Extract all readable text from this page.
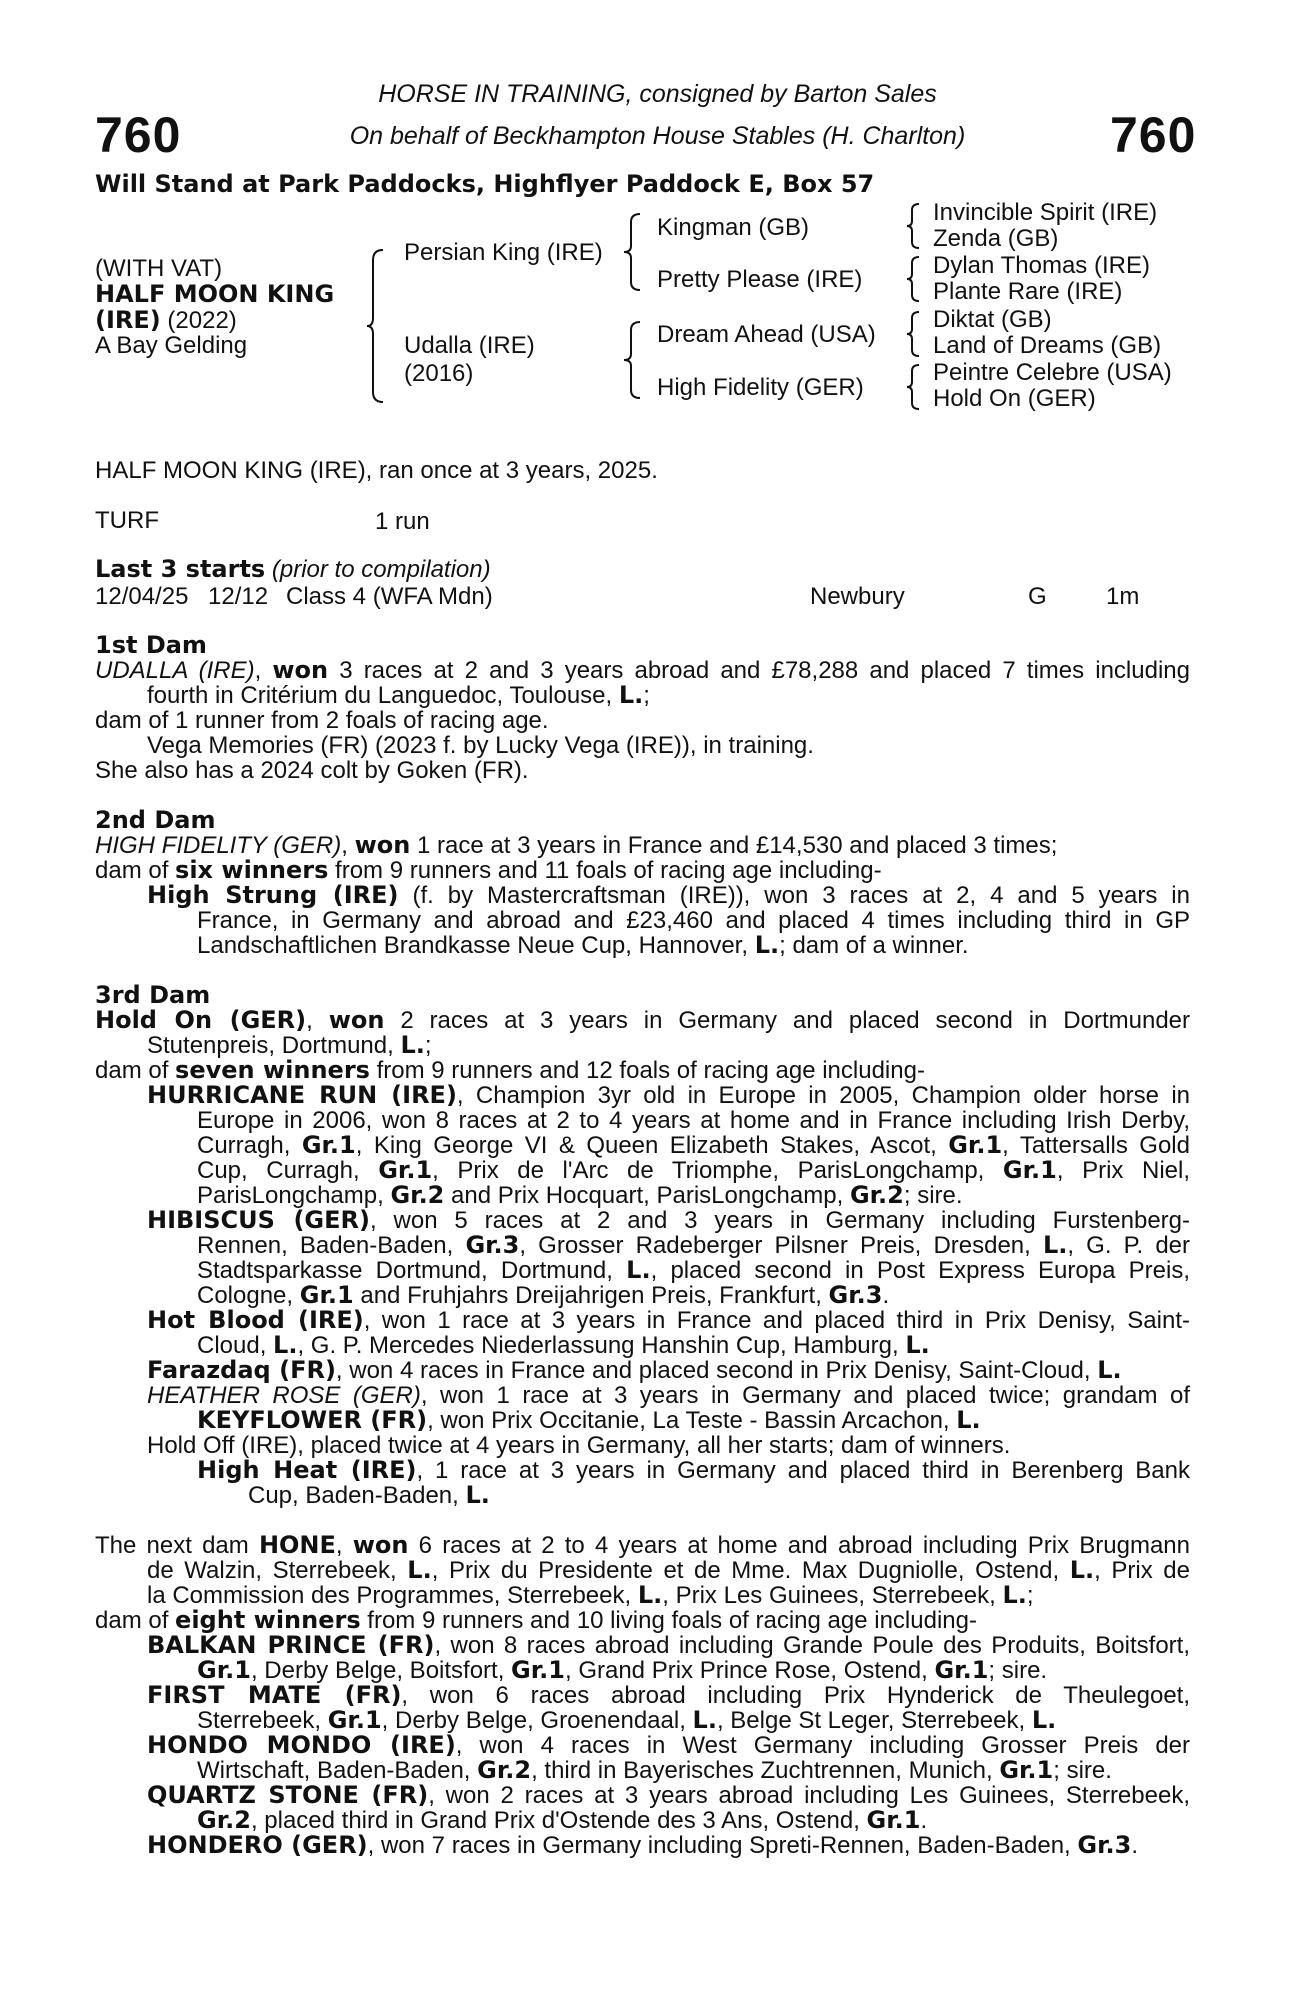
HORSE IN TRAINING, consigned by Barton Sales
On behalf of Beckhampton House Stables (H. Charlton)
760	760
Will Stand at Park Paddocks, Highflyer Paddock E, Box 57
(WITH VAT)
HALF MOON KING
(IRE) (2022)
A Bay Gelding
Persian King (IRE)
Udalla (IRE)
(2016)
Kingman (GB)
Pretty Please (IRE)
Dream Ahead (USA)
High Fidelity (GER)
Invincible Spirit (IRE)
Zenda (GB)
Dylan Thomas (IRE)
Plante Rare (IRE)
Diktat (GB)
Land of Dreams (GB)
Peintre Celebre (USA)
Hold On (GER)
HALF MOON KING (IRE), ran once at 3 years, 2025.
TURF	1 run
Last 3 starts (prior to compilation)
12/04/25 12/12 Class 4 (WFA Mdn)	Newbury	G 1m
1st Dam
UDALLA (IRE), won 3 races at 2 and 3 years abroad and £78,288 and placed 7 times including
fourth in Critérium du Languedoc, Toulouse, L.;
dam of 1 runner from 2 foals of racing age.
Vega Memories (FR) (2023 f. by Lucky Vega (IRE)), in training.
She also has a 2024 colt by Goken (FR).
2nd Dam
HIGH FIDELITY (GER), won 1 race at 3 years in France and £14,530 and placed 3 times;
dam of six winners from 9 runners and 11 foals of racing age including-
High Strung (IRE) (f. by Mastercraftsman (IRE)), won 3 races at 2, 4 and 5 years in
France, in Germany and abroad and £23,460 and placed 4 times including third in GP
Landschaftlichen Brandkasse Neue Cup, Hannover, L.; dam of a winner.
3rd Dam
Hold On (GER), won 2 races at 3 years in Germany and placed second in Dortmunder
Stutenpreis, Dortmund, L.;
dam of seven winners from 9 runners and 12 foals of racing age including-
HURRICANE RUN (IRE), Champion 3yr old in Europe in 2005, Champion older horse in
Europe in 2006, won 8 races at 2 to 4 years at home and in France including Irish Derby,
Curragh, Gr.1, King George VI & Queen Elizabeth Stakes, Ascot, Gr.1, Tattersalls Gold
Cup, Curragh, Gr.1, Prix de l'Arc de Triomphe, ParisLongchamp, Gr.1, Prix Niel,
ParisLongchamp, Gr.2 and Prix Hocquart, ParisLongchamp, Gr.2; sire.
HIBISCUS (GER), won 5 races at 2 and 3 years in Germany including Furstenberg-
Rennen, Baden-Baden, Gr.3, Grosser Radeberger Pilsner Preis, Dresden, L., G. P. der
Stadtsparkasse Dortmund, Dortmund, L., placed second in Post Express Europa Preis,
Cologne, Gr.1 and Fruhjahrs Dreijahrigen Preis, Frankfurt, Gr.3.
Hot Blood (IRE), won 1 race at 3 years in France and placed third in Prix Denisy, Saint-
Cloud, L., G. P. Mercedes Niederlassung Hanshin Cup, Hamburg, L.
Farazdaq (FR), won 4 races in France and placed second in Prix Denisy, Saint-Cloud, L.
HEATHER ROSE (GER), won 1 race at 3 years in Germany and placed twice; grandam of
KEYFLOWER (FR), won Prix Occitanie, La Teste - Bassin Arcachon, L.
Hold Off (IRE), placed twice at 4 years in Germany, all her starts; dam of winners.
High Heat (IRE), 1 race at 3 years in Germany and placed third in Berenberg Bank
Cup, Baden-Baden, L.
The next dam HONE, won 6 races at 2 to 4 years at home and abroad including Prix Brugmann
de Walzin, Sterrebeek, L., Prix du Presidente et de Mme. Max Dugniolle, Ostend, L., Prix de
la Commission des Programmes, Sterrebeek, L., Prix Les Guinees, Sterrebeek, L.;
dam of eight winners from 9 runners and 10 living foals of racing age including-
BALKAN PRINCE (FR), won 8 races abroad including Grande Poule des Produits, Boitsfort,
Gr.1, Derby Belge, Boitsfort, Gr.1, Grand Prix Prince Rose, Ostend, Gr.1; sire.
FIRST MATE (FR), won 6 races abroad including Prix Hynderick de Theulegoet,
Sterrebeek, Gr.1, Derby Belge, Groenendaal, L., Belge St Leger, Sterrebeek, L.
HONDO MONDO (IRE), won 4 races in West Germany including Grosser Preis der
Wirtschaft, Baden-Baden, Gr.2, third in Bayerisches Zuchtrennen, Munich, Gr.1; sire.
QUARTZ STONE (FR), won 2 races at 3 years abroad including Les Guinees, Sterrebeek,
Gr.2, placed third in Grand Prix d'Ostende des 3 Ans, Ostend, Gr.1.
HONDERO (GER), won 7 races in Germany including Spreti-Rennen, Baden-Baden, Gr.3.
